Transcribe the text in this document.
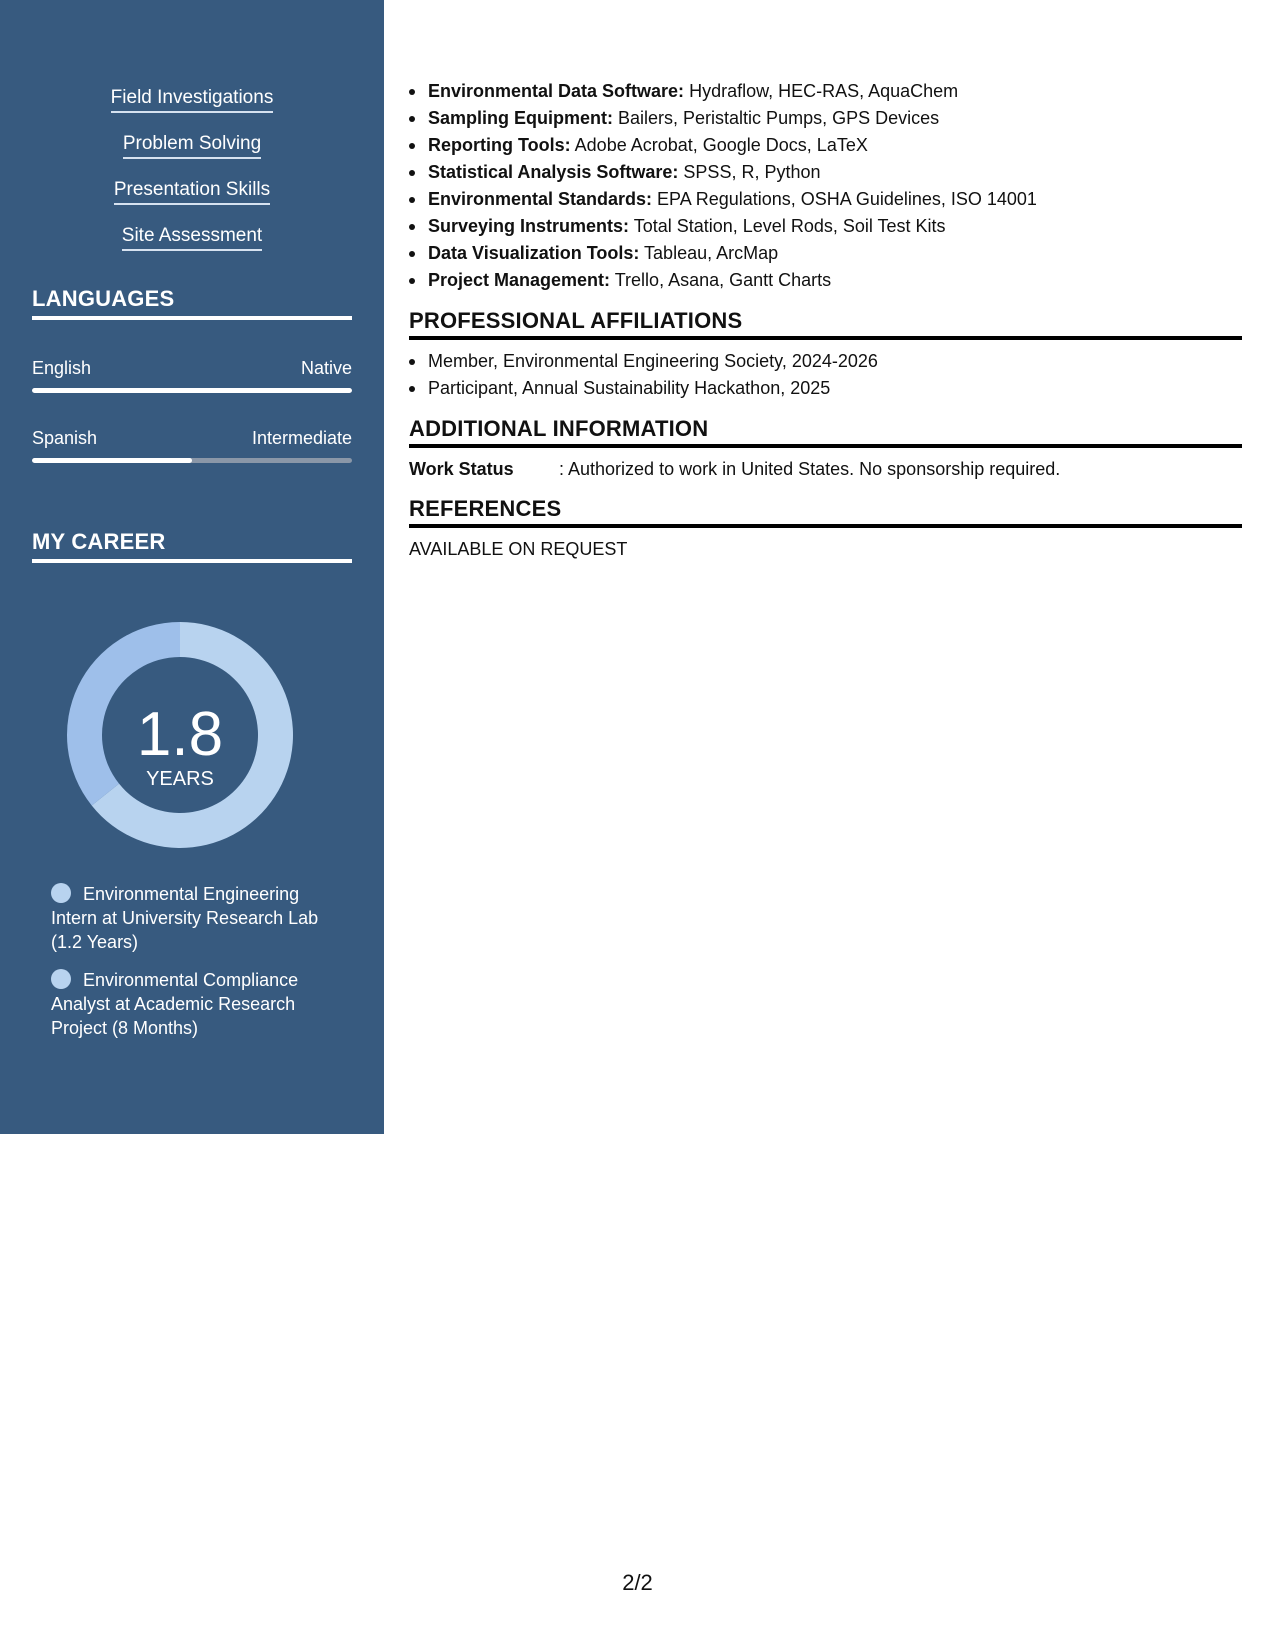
Field Investigations
Problem Solving
Presentation Skills
Site Assessment
LANGUAGES
English	Native
Spanish	Intermediate
MY CAREER
1.8
YEARS
Environmental Engineering Intern at University Research Lab (1.2 Years)
Environmental Compliance Analyst at Academic Research Project (8 Months)
Environmental Data Software: Hydraflow, HEC-RAS, AquaChem
Sampling Equipment: Bailers, Peristaltic Pumps, GPS Devices
Reporting Tools: Adobe Acrobat, Google Docs, LaTeX
Statistical Analysis Software: SPSS, R, Python
Environmental Standards: EPA Regulations, OSHA Guidelines, ISO 14001
Surveying Instruments: Total Station, Level Rods, Soil Test Kits
Data Visualization Tools: Tableau, ArcMap
Project Management: Trello, Asana, Gantt Charts
PROFESSIONAL AFFILIATIONS
Member, Environmental Engineering Society, 2024-2026
Participant, Annual Sustainability Hackathon, 2025
ADDITIONAL INFORMATION
Work Status	: Authorized to work in United States. No sponsorship required.
REFERENCES
AVAILABLE ON REQUEST
2/2
